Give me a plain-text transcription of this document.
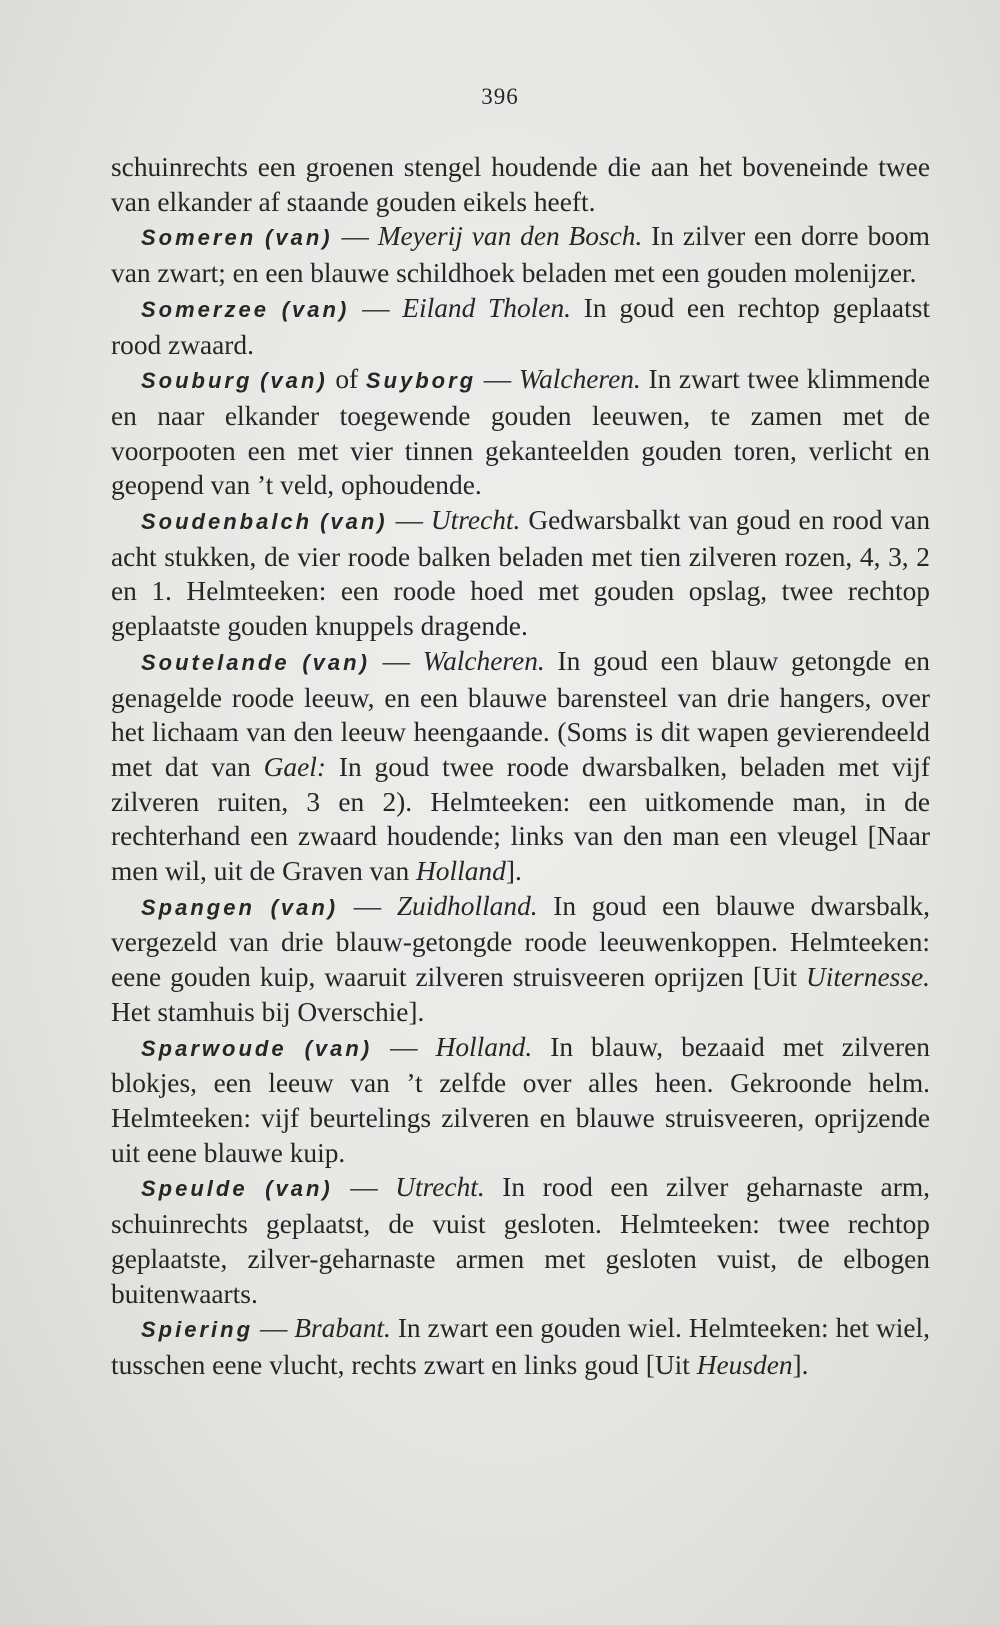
396

schuinrechts een groenen stengel houdende die aan het boveneinde twee van elkander af staande gouden eikels heeft.

Someren (van) — Meyerij van den Bosch. In zilver een dorre boom van zwart; en een blauwe schildhoek beladen met een gouden molenijzer.

Somerzee (van) — Eiland Tholen. In goud een rechtop geplaatst rood zwaard.

Souburg (van) of Suyborg — Walcheren. In zwart twee klimmende en naar elkander toegewende gouden leeuwen, te zamen met de voorpooten een met vier tinnen gekanteelden gouden toren, verlicht en geopend van ’t veld, ophoudende.

Soudenbalch (van) — Utrecht. Gedwarsbalkt van goud en rood van acht stukken, de vier roode balken beladen met tien zilveren rozen, 4, 3, 2 en 1. Helmteeken: een roode hoed met gouden opslag, twee rechtop geplaatste gouden knuppels dragende.

Soutelande (van) — Walcheren. In goud een blauw getongde en genagelde roode leeuw, en een blauwe barensteel van drie hangers, over het lichaam van den leeuw heengaande. (Soms is dit wapen gevierendeeld met dat van Gael: In goud twee roode dwarsbalken, beladen met vijf zilveren ruiten, 3 en 2). Helmteeken: een uitkomende man, in de rechterhand een zwaard houdende; links van den man een vleugel [Naar men wil, uit de Graven van Holland].

Spangen (van) — Zuidholland. In goud een blauwe dwarsbalk, vergezeld van drie blauw-getongde roode leeuwenkoppen. Helmteeken: eene gouden kuip, waaruit zilveren struisveeren oprijzen [Uit Uiternesse. Het stamhuis bij Overschie].

Sparwoude (van) — Holland. In blauw, bezaaid met zilveren blokjes, een leeuw van ’t zelfde over alles heen. Gekroonde helm. Helmteeken: vijf beurtelings zilveren en blauwe struisveeren, oprijzende uit eene blauwe kuip.

Speulde (van) — Utrecht. In rood een zilver geharnaste arm, schuinrechts geplaatst, de vuist gesloten. Helmteeken: twee rechtop geplaatste, zilver-geharnaste armen met gesloten vuist, de elbogen buitenwaarts.

Spiering — Brabant. In zwart een gouden wiel. Helmteeken: het wiel, tusschen eene vlucht, rechts zwart en links goud [Uit Heusden].
